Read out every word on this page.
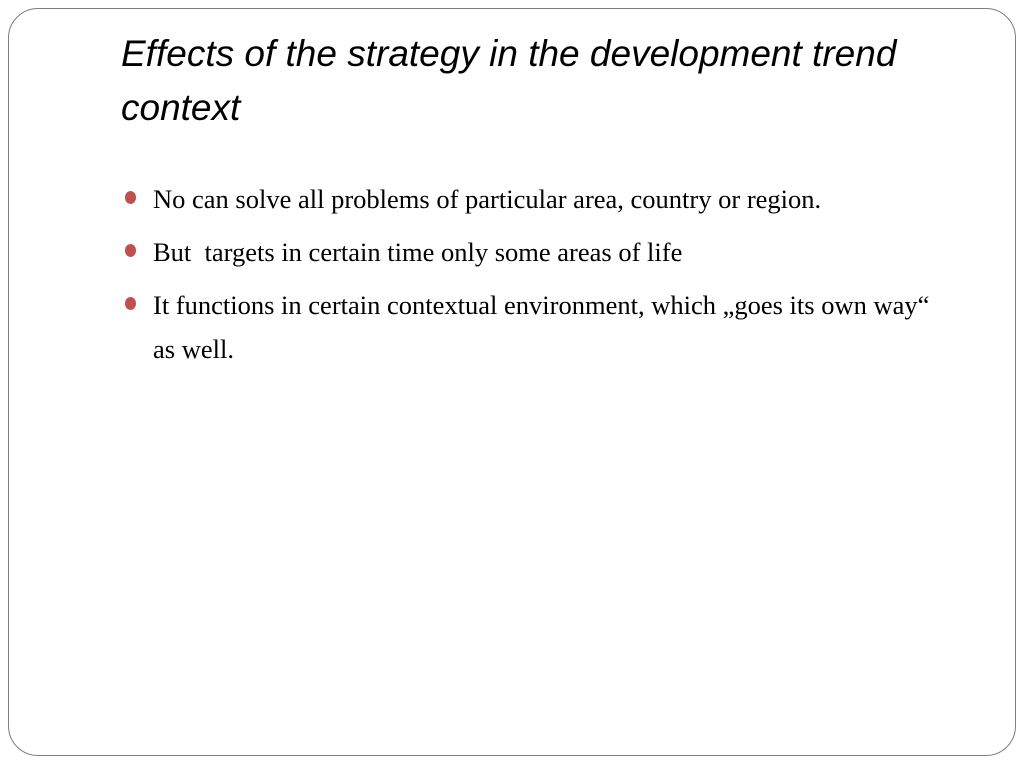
Effects of the strategy in the development trend context
No can solve all problems of particular area, country or region.
But  targets in certain time only some areas of life
It functions in certain contextual environment, which „goes its own way“ as well.
